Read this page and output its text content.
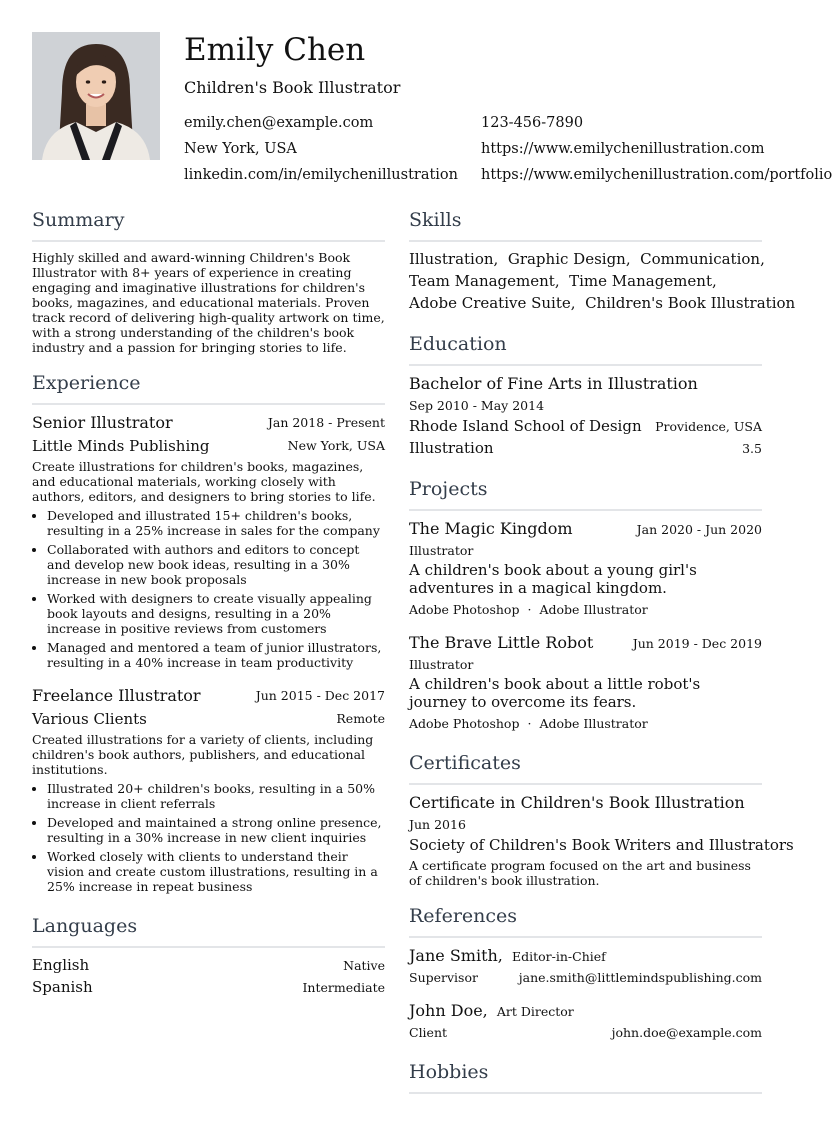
Emily Chen
Children's Book Illustrator
emily.chen@example.com	123-456-7890
New York, USA	https://www.emilychenillustration.com
linkedin.com/in/emilychenillustration https://www.emilychenillustration.com/portfolio
Summary
Highly skilled and award-winning Children's Book Illustrator with 8+ years of experience in creating engaging and imaginative illustrations for children's books, magazines, and educational materials. Proven track record of delivering high-quality artwork on time, with a strong understanding of the children's book industry and a passion for bringing stories to life.
Experience
Senior Illustrator	Jan 2018 - Present
Little Minds Publishing	New York, USA
Create illustrations for children's books, magazines, and educational materials, working closely with authors, editors, and designers to bring stories to life.
• Developed and illustrated 15+ children's books, resulting in a 25% increase in sales for the company
• Collaborated with authors and editors to concept and develop new book ideas, resulting in a 30% increase in new book proposals
• Worked with designers to create visually appealing book layouts and designs, resulting in a 20% increase in positive reviews from customers
• Managed and mentored a team of junior illustrators, resulting in a 40% increase in team productivity
Freelance Illustrator	Jun 2015 - Dec 2017
Various Clients	Remote
Created illustrations for a variety of clients, including children's book authors, publishers, and educational institutions.
• Illustrated 20+ children's books, resulting in a 50% increase in client referrals
• Developed and maintained a strong online presence, resulting in a 30% increase in new client inquiries
• Worked closely with clients to understand their vision and create custom illustrations, resulting in a 25% increase in repeat business
Languages
English	Native
Spanish	Intermediate
Skills
Illustration,  Graphic Design,  Communication,
Team Management,  Time Management,
Adobe Creative Suite,  Children's Book Illustration
Education
Bachelor of Fine Arts in Illustration
Sep 2010 - May 2014
Rhode Island School of Design	Providence, USA
Illustration	3.5
Projects
The Magic Kingdom	Jan 2020 - Jun 2020
Illustrator
A children's book about a young girl's adventures in a magical kingdom.
Adobe Photoshop · Adobe Illustrator
The Brave Little Robot	Jun 2019 - Dec 2019
Illustrator
A children's book about a little robot's journey to overcome its fears.
Adobe Photoshop · Adobe Illustrator
Certificates
Certificate in Children's Book Illustration
Jun 2016
Society of Children's Book Writers and Illustrators
A certificate program focused on the art and business of children's book illustration.
References
Jane Smith, Editor-in-Chief
Supervisor	jane.smith@littlemindspublishing.com
John Doe, Art Director
Client	john.doe@example.com
Hobbies
